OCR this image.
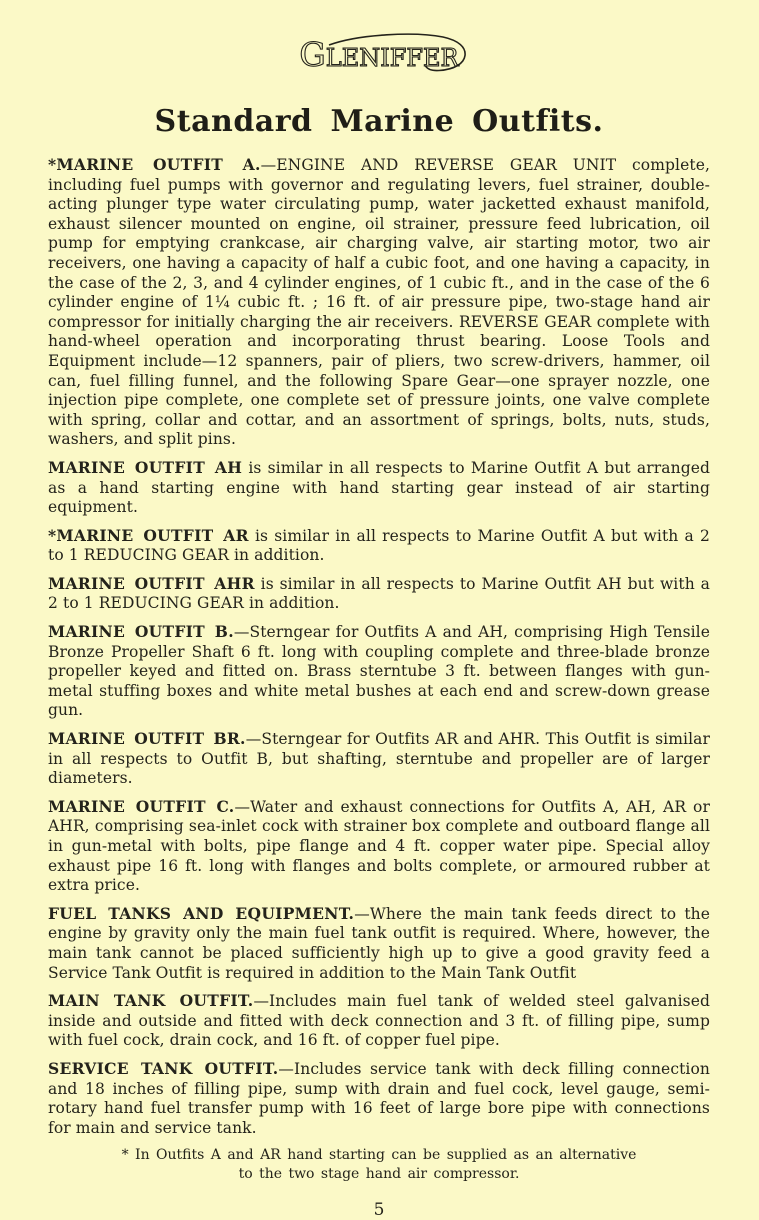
GLENIFFER
Standard Marine Outfits.

*MARINE OUTFIT A.—ENGINE AND REVERSE GEAR UNIT complete, including fuel pumps with governor and regulating levers, fuel strainer, double-acting plunger type water circulating pump, water jacketted exhaust manifold, exhaust silencer mounted on engine, oil strainer, pressure feed lubrication, oil pump for emptying crankcase, air charging valve, air starting motor, two air receivers, one having a capacity of half a cubic foot, and one having a capacity, in the case of the 2, 3, and 4 cylinder engines, of 1 cubic ft., and in the case of the 6 cylinder engine of 1¼ cubic ft. ; 16 ft. of air pressure pipe, two-stage hand air compressor for initially charging the air receivers. REVERSE GEAR complete with hand-wheel operation and incorporating thrust bearing. Loose Tools and Equipment include—12 spanners, pair of pliers, two screw-drivers, hammer, oil can, fuel filling funnel, and the following Spare Gear—one sprayer nozzle, one injection pipe complete, one complete set of pressure joints, one valve complete with spring, collar and cottar, and an assortment of springs, bolts, nuts, studs, washers, and split pins.

MARINE OUTFIT AH is similar in all respects to Marine Outfit A but arranged as a hand starting engine with hand starting gear instead of air starting equipment.

*MARINE OUTFIT AR is similar in all respects to Marine Outfit A but with a 2 to 1 REDUCING GEAR in addition.

MARINE OUTFIT AHR is similar in all respects to Marine Outfit AH but with a 2 to 1 REDUCING GEAR in addition.

MARINE OUTFIT B.—Sterngear for Outfits A and AH, comprising High Tensile Bronze Propeller Shaft 6 ft. long with coupling complete and three-blade bronze propeller keyed and fitted on. Brass sterntube 3 ft. between flanges with gun-metal stuffing boxes and white metal bushes at each end and screw-down grease gun.

MARINE OUTFIT BR.—Sterngear for Outfits AR and AHR. This Outfit is similar in all respects to Outfit B, but shafting, sterntube and propeller are of larger diameters.

MARINE OUTFIT C.—Water and exhaust connections for Outfits A, AH, AR or AHR, comprising sea-inlet cock with strainer box complete and outboard flange all in gun-metal with bolts, pipe flange and 4 ft. copper water pipe. Special alloy exhaust pipe 16 ft. long with flanges and bolts complete, or armoured rubber at extra price.

FUEL TANKS AND EQUIPMENT.—Where the main tank feeds direct to the engine by gravity only the main fuel tank outfit is required. Where, however, the main tank cannot be placed sufficiently high up to give a good gravity feed a Service Tank Outfit is required in addition to the Main Tank Outfit

MAIN TANK OUTFIT.—Includes main fuel tank of welded steel galvanised inside and outside and fitted with deck connection and 3 ft. of filling pipe, sump with fuel cock, drain cock, and 16 ft. of copper fuel pipe.

SERVICE TANK OUTFIT.—Includes service tank with deck filling connection and 18 inches of filling pipe, sump with drain and fuel cock, level gauge, semi-rotary hand fuel transfer pump with 16 feet of large bore pipe with connections for main and service tank.

* In Outfits A and AR hand starting can be supplied as an alternative
to the two stage hand air compressor.
5
